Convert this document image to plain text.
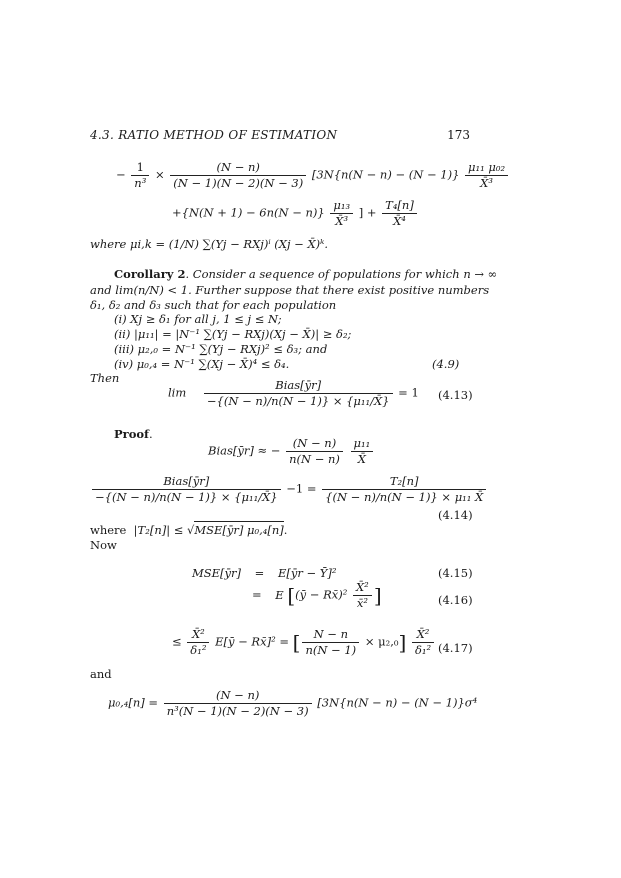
4.3. RATIO METHOD OF ESTIMATION	173
− $\frac{1}{\text{n³}} \times \frac{(N - n)}{(N - 1)(N - 2)(N - 3)} [3N\{n(N - n) - (N - 1)\} \frac{\text{μ₁₁ μ₀₂}}{\text{X̄³}}$
$+\{N(N + 1) - 6n(N - n)\} \frac{\text{μ₁₃}}{\text{X̄³}}$ ] + $\frac{\text{T₄[n]}}{\text{X̄⁴}}$
where μi,k = (1/N) ∑(Yj − RXj)ⁱ (Xj − X̄)ᵏ.
Corollary 2. Consider a sequence of populations for which n → ∞
and lim(n/N) < 1. Further suppose that there exist positive numbers
δ₁, δ₂ and δ₃ such that for each population
(i) Xj ≥ δ₁ for all j, 1 ≤ j ≤ N;
(ii) |μ₁₁| = |N⁻¹ ∑(Yj − RXj)(Xj − X̄)| ≥ δ₂;
(iii) μ₂,₀ = N⁻¹ ∑(Yj − RXj)² ≤ δ₃; and
(iv) μ₀,₄ = N⁻¹ ∑(Xj − X̄)⁴ ≤ δ₄.	(4.9)
Then
$\lim \frac{\text{Bias[ȳr]}}{\text{−\{(N − n)/n(N − 1)\} × \{μ₁₁/X̄\}}} = 1$ (4.13)
Proof.
Bias[ȳr] ≈ − $\frac{(N - n)}{n(N - n)}$
$\frac{\text{μ₁₁}}{X̄}$
$\frac{\text{Bias[ȳr]}}{\text{−\{(N − n)/n(N − 1)\} × \{μ₁₁/X̄\}}} -1 = \frac{\text{T₂[n]}}{\text{\{(N − n)/n(N − 1)\} × μ₁₁ X̄}}$
(4.14)
where |T₂[n]| ≤ √MSE[ȳr] μ₀,₄[n].
Now
MSE[ȳr] = E[ȳr − Ȳ]²	(4.15)
= E [(ȳ − Rx̄)² $\frac{\text{X̄²}}{\text{x̄²}}$ ]	(4.16)
≤ $\frac{\text{X̄²}}{\text{δ₁²}}$ E[ȳ − Rx̄]² = [ $\frac{N - n}{n(N - 1)} \times \mu_2,_0] \frac{\text{X̄²}}{\text{δ₁²}} (4.17)$
and
$\mu_0,_4[n] = \frac{(N - n)}{\text{n³(N − 1)(N − 2)(N − 3)}} [3N\{n(N - n) - (N - 1)\}\sigma^4$
